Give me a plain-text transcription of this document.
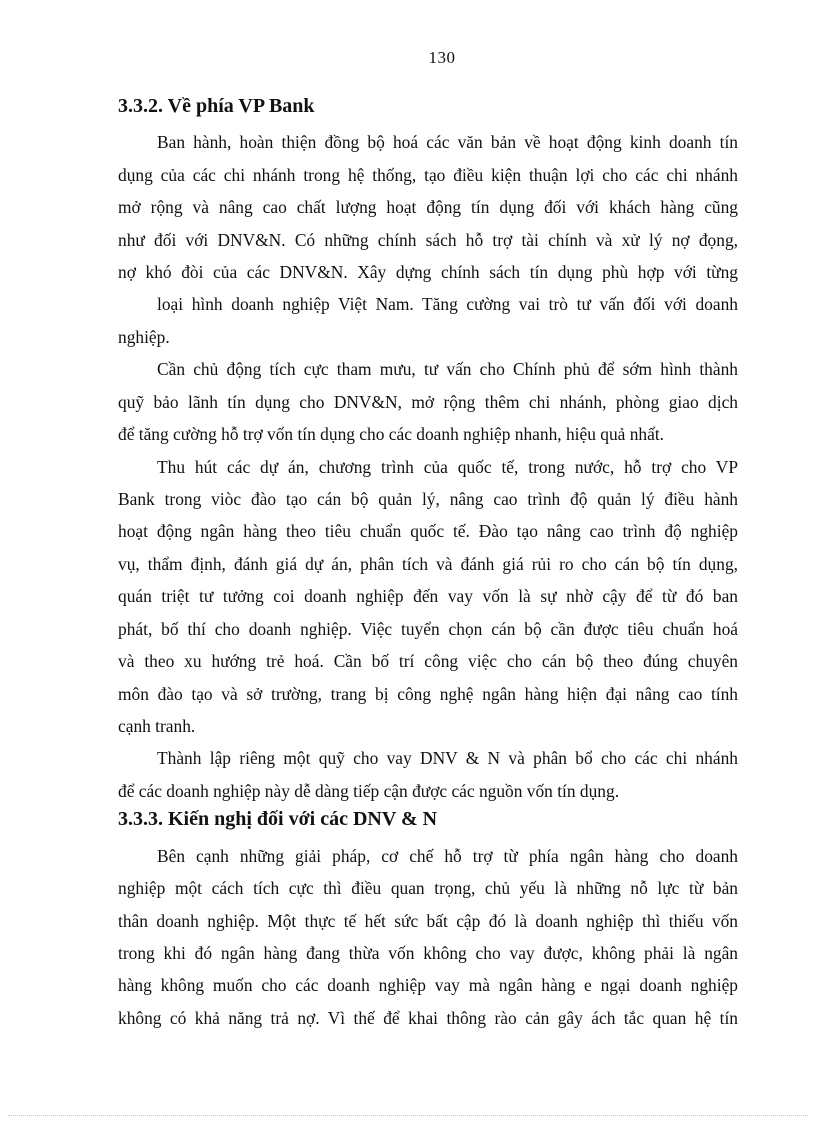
130
3.3.2. Về phía VP Bank
Ban hành, hoàn thiện đồng bộ hoá các văn bản về hoạt động kinh doanh tín
dụng của các chi nhánh trong hệ thống, tạo điều kiện thuận lợi cho các chi nhánh
mở rộng và nâng cao chất lượng hoạt động tín dụng đối với khách hàng cũng
như đối với DNV&N. Có những chính sách hỗ trợ tài chính và xử lý nợ đọng,
nợ khó đòi của các DNV&N. Xây dựng chính sách tín dụng phù hợp với từng
loại hình doanh nghiệp Việt Nam. Tăng cường vai trò tư vấn đối với doanh
nghiệp.
Cần chủ động tích cực tham mưu, tư vấn cho Chính phủ để sớm hình thành
quỹ bảo lãnh tín dụng cho DNV&N, mở rộng thêm chi nhánh, phòng giao dịch
để tăng cường hỗ trợ vốn tín dụng cho các doanh nghiệp nhanh, hiệu quả nhất.
Thu hút các dự án, chương trình của quốc tế, trong nước, hỗ trợ cho VP
Bank trong viòc đào tạo cán bộ quản lý, nâng cao trình độ quản lý điều hành
hoạt động ngân hàng theo tiêu chuẩn quốc tế. Đào tạo nâng cao trình độ nghiệp
vụ, thẩm định, đánh giá dự án, phân tích và đánh giá rủi ro cho cán bộ tín dụng,
quán triệt tư tưởng coi doanh nghiệp đến vay vốn là sự nhờ cậy để từ đó ban
phát, bố thí cho doanh nghiệp. Việc tuyển chọn cán bộ cần được tiêu chuẩn hoá
và theo xu hướng trẻ hoá. Cần bố trí công việc cho cán bộ theo đúng chuyên
môn đào tạo và sở trường, trang bị công nghệ ngân hàng hiện đại nâng cao tính
cạnh tranh.
Thành lập riêng một quỹ cho vay DNV & N và phân bổ cho các chi nhánh
để các doanh nghiệp này dễ dàng tiếp cận được các nguồn vốn tín dụng.
3.3.3. Kiến nghị đối với các DNV & N
Bên cạnh những giải pháp, cơ chế hỗ trợ từ phía ngân hàng cho doanh
nghiệp một cách tích cực thì điều quan trọng, chủ yếu là những nỗ lực từ bản
thân doanh nghiệp. Một thực tế hết sức bất cập đó là doanh nghiệp thì thiếu vốn
trong khi đó ngân hàng đang thừa vốn không cho vay được, không phải là ngân
hàng không muốn cho các doanh nghiệp vay mà ngân hàng e ngại doanh nghiệp
không có khả năng trả nợ. Vì thế để khai thông rào cản gây ách tắc quan hệ tín
